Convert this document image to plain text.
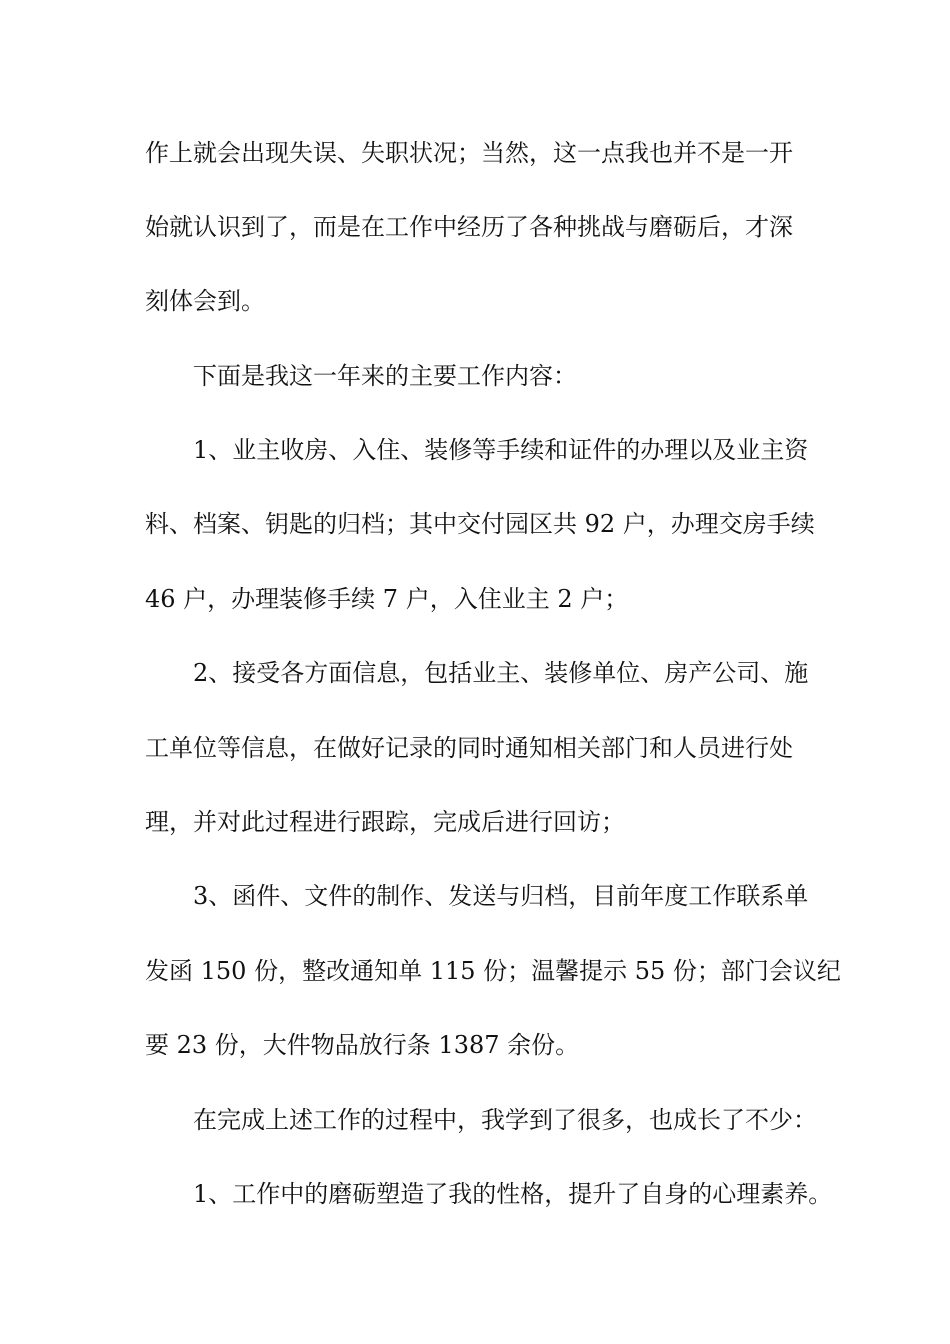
作上就会出现失误、失职状况；当然，这一点我也并不是一开
始就认识到了，而是在工作中经历了各种挑战与磨砺后，才深
刻体会到。
下面是我这一年来的主要工作内容：
1、业主收房、入住、装修等手续和证件的办理以及业主资
料、档案、钥匙的归档；其中交付园区共 92 户，办理交房手续
46 户，办理装修手续 7 户，入住业主 2 户；
2、接受各方面信息，包括业主、装修单位、房产公司、施
工单位等信息，在做好记录的同时通知相关部门和人员进行处
理，并对此过程进行跟踪，完成后进行回访；
3、函件、文件的制作、发送与归档，目前年度工作联系单
发函 150 份，整改通知单 115 份；温馨提示 55 份；部门会议纪
要 23 份，大件物品放行条 1387 余份。
在完成上述工作的过程中，我学到了很多，也成长了不少：
1、工作中的磨砺塑造了我的性格，提升了自身的心理素养。
